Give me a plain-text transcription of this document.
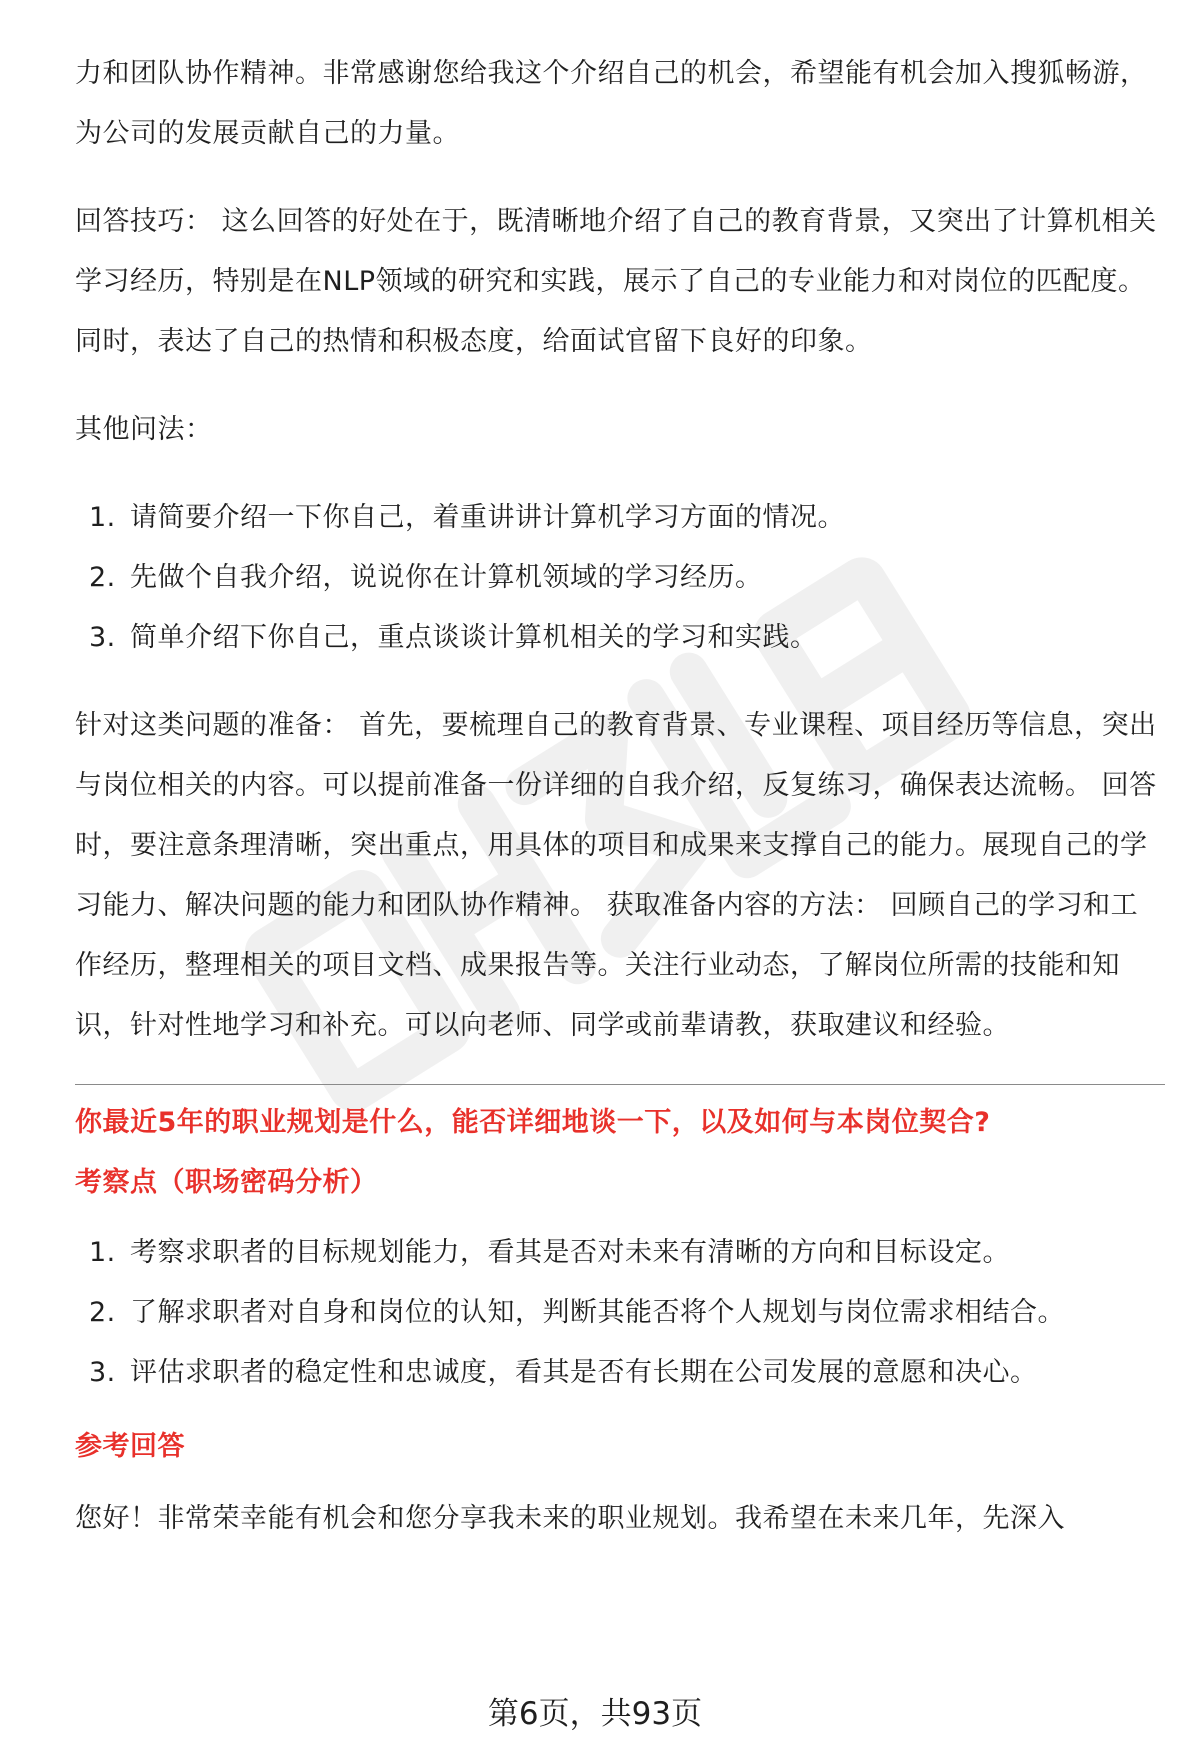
力和团队协作精神。非常感谢您给我这个介绍自己的机会，希望能有机会加入搜狐畅游，为公司的发展贡献自己的力量。

回答技巧： 这么回答的好处在于，既清晰地介绍了自己的教育背景，又突出了计算机相关学习经历，特别是在NLP领域的研究和实践，展示了自己的专业能力和对岗位的匹配度。同时，表达了自己的热情和积极态度，给面试官留下良好的印象。

其他问法：

1. 请简要介绍一下你自己，着重讲讲计算机学习方面的情况。
2. 先做个自我介绍，说说你在计算机领域的学习经历。
3. 简单介绍下你自己，重点谈谈计算机相关的学习和实践。

针对这类问题的准备： 首先，要梳理自己的教育背景、专业课程、项目经历等信息，突出与岗位相关的内容。可以提前准备一份详细的自我介绍，反复练习，确保表达流畅。 回答时，要注意条理清晰，突出重点，用具体的项目和成果来支撑自己的能力。展现自己的学习能力、解决问题的能力和团队协作精神。 获取准备内容的方法： 回顾自己的学习和工作经历，整理相关的项目文档、成果报告等。关注行业动态，了解岗位所需的技能和知识，针对性地学习和补充。可以向老师、同学或前辈请教，获取建议和经验。

你最近5年的职业规划是什么，能否详细地谈一下，以及如何与本岗位契合?

考察点（职场密码分析）

1. 考察求职者的目标规划能力，看其是否对未来有清晰的方向和目标设定。
2. 了解求职者对自身和岗位的认知，判断其能否将个人规划与岗位需求相结合。
3. 评估求职者的稳定性和忠诚度，看其是否有长期在公司发展的意愿和决心。

参考回答

您好！非常荣幸能有机会和您分享我未来的职业规划。我希望在未来几年，先深入

第6页，共93页
